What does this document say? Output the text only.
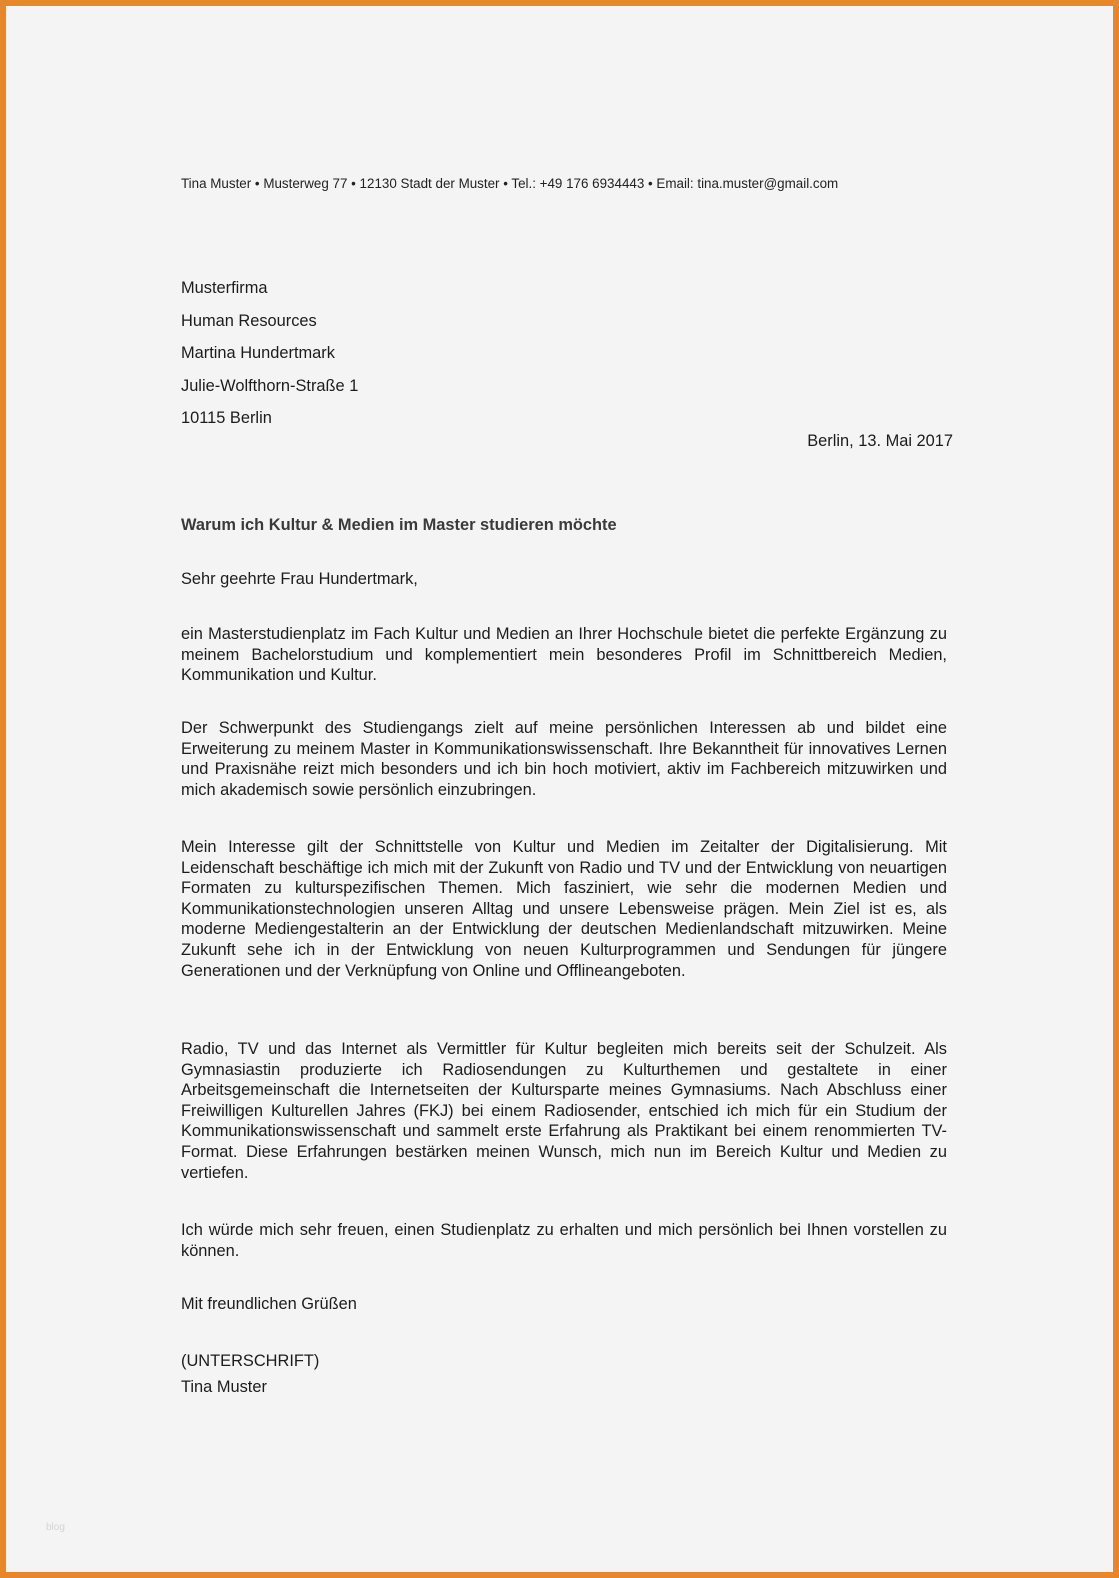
Tina Muster • Musterweg 77 • 12130 Stadt der Muster • Tel.: +49 176 6934443 • Email: tina.muster@gmail.com
Musterfirma
Human Resources
Martina Hundertmark
Julie-Wolfthorn-Straße 1
10115 Berlin
Berlin, 13. Mai 2017
Warum ich Kultur & Medien im Master studieren möchte
Sehr geehrte Frau Hundertmark,
ein Masterstudienplatz im Fach Kultur und Medien an Ihrer Hochschule bietet die perfekte Ergänzung zu meinem Bachelorstudium und komplementiert mein besonderes Profil im Schnittbereich Medien, Kommunikation und Kultur.
Der Schwerpunkt des Studiengangs zielt auf meine persönlichen Interessen ab und bildet eine Erweiterung zu meinem Master in Kommunikationswissenschaft. Ihre Bekanntheit für innovatives Lernen und Praxisnähe reizt mich besonders und ich bin hoch motiviert, aktiv im Fachbereich mitzuwirken und mich akademisch sowie persönlich einzubringen.
Mein Interesse gilt der Schnittstelle von Kultur und Medien im Zeitalter der Digitalisierung. Mit Leidenschaft beschäftige ich mich mit der Zukunft von Radio und TV und der Entwicklung von neuartigen Formaten zu kulturspezifischen Themen. Mich fasziniert, wie sehr die modernen Medien und Kommunikationstechnologien unseren Alltag und unsere Lebensweise prägen. Mein Ziel ist es, als moderne Mediengestalterin an der Entwicklung der deutschen Medienlandschaft mitzuwirken. Meine Zukunft sehe ich in der Entwicklung von neuen Kulturprogrammen und Sendungen für jüngere Generationen und der Verknüpfung von Online und Offlineangeboten.
Radio, TV und das Internet als Vermittler für Kultur begleiten mich bereits seit der Schulzeit. Als Gymnasiastin produzierte ich Radiosendungen zu Kulturthemen und gestaltete in einer Arbeitsgemeinschaft die Internetseiten der Kultursparte meines Gymnasiums. Nach Abschluss einer Freiwilligen Kulturellen Jahres (FKJ) bei einem Radiosender, entschied ich mich für ein Studium der Kommunikationswissenschaft und sammelt erste Erfahrung als Praktikant bei einem renommierten TV-Format. Diese Erfahrungen bestärken meinen Wunsch, mich nun im Bereich Kultur und Medien zu vertiefen.
Ich würde mich sehr freuen, einen Studienplatz zu erhalten und mich persönlich bei Ihnen vorstellen zu können.
Mit freundlichen Grüßen
(UNTERSCHRIFT)
Tina Muster
blog
